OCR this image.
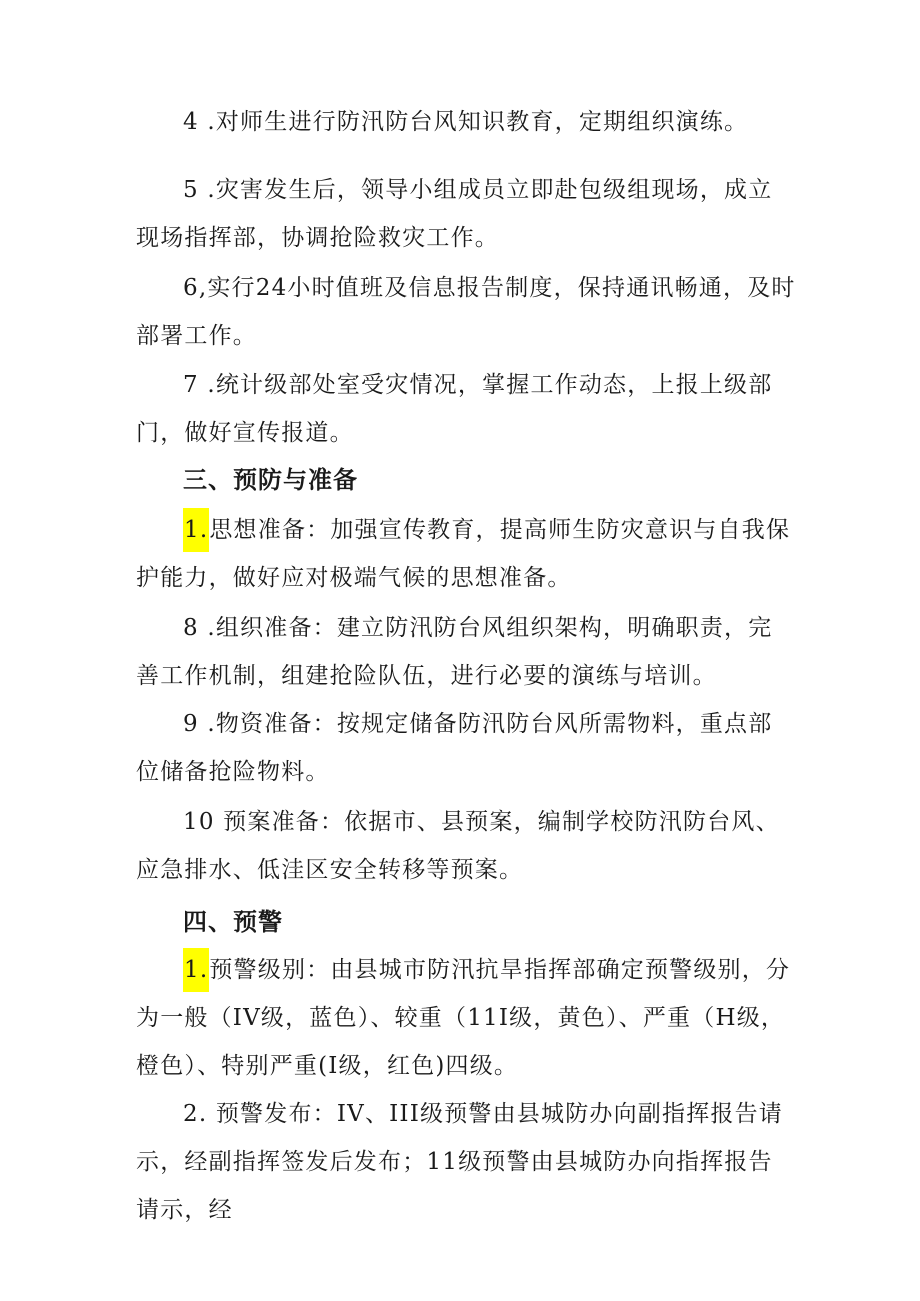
4 .对师生进行防汛防台风知识教育，定期组织演练。

5 .灾害发生后，领导小组成员立即赴包级组现场，成立现场指挥部，协调抢险救灾工作。

6,实行24小时值班及信息报告制度，保持通讯畅通，及时部署工作。

7 .统计级部处室受灾情况，掌握工作动态，上报上级部门，做好宣传报道。

三、预防与准备

1.思想准备：加强宣传教育，提高师生防灾意识与自我保护能力，做好应对极端气候的思想准备。

8 .组织准备：建立防汛防台风组织架构，明确职责，完善工作机制，组建抢险队伍，进行必要的演练与培训。

9 .物资准备：按规定储备防汛防台风所需物料，重点部位储备抢险物料。

10 预案准备：依据市、县预案，编制学校防汛防台风、应急排水、低洼区安全转移等预案。

四、预警

1.预警级别：由县城市防汛抗旱指挥部确定预警级别，分为一般（IV级，蓝色）、较重（11I级，黄色）、严重（H级，橙色）、特别严重(I级，红色)四级。

2. 预警发布：IV、III级预警由县城防办向副指挥报告请示，经副指挥签发后发布；11级预警由县城防办向指挥报告请示，经
